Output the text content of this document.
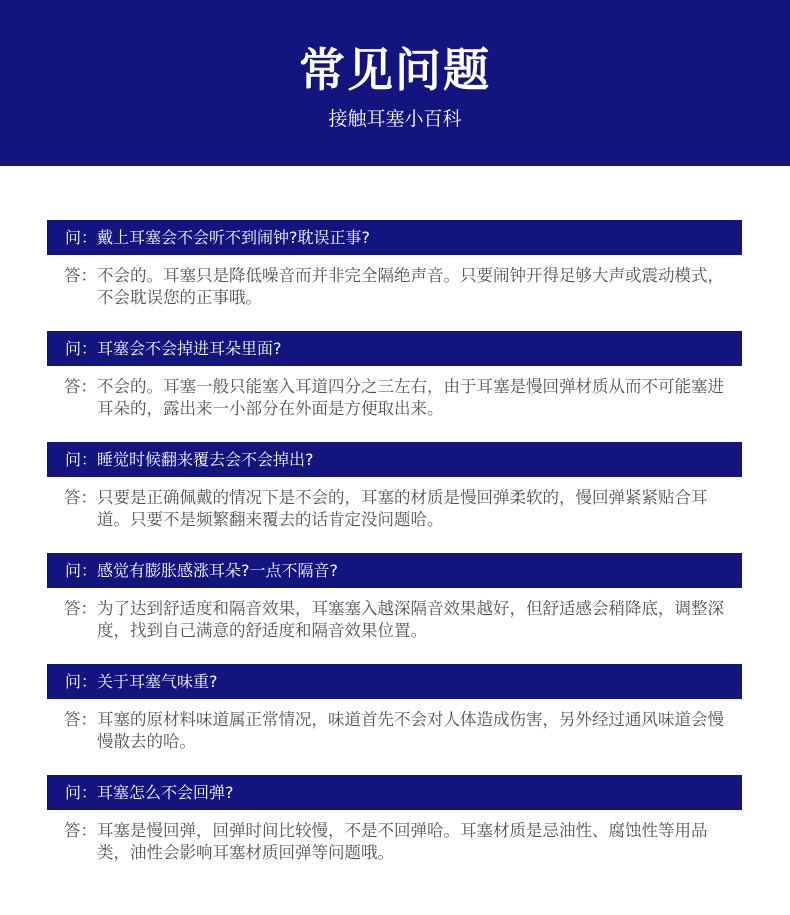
常见问题
接触耳塞小百科
问：戴上耳塞会不会听不到闹钟?耽误正事?
答： 不会的。耳塞只是降低噪音而并非完全隔绝声音。只要闹钟开得足够大声或震动模式，不会耽误您的正事哦。
问：耳塞会不会掉进耳朵里面?
答： 不会的。耳塞一般只能塞入耳道四分之三左右，由于耳塞是慢回弹材质从而不可能塞进耳朵的，露出来一小部分在外面是方便取出来。
问：睡觉时候翻来覆去会不会掉出?
答： 只要是正确佩戴的情况下是不会的，耳塞的材质是慢回弹柔软的，慢回弹紧紧贴合耳道。只要不是频繁翻来覆去的话肯定没问题哈。
问：感觉有膨胀感涨耳朵?一点不隔音?
答： 为了达到舒适度和隔音效果，耳塞塞入越深隔音效果越好，但舒适感会稍降底，调整深度，找到自己满意的舒适度和隔音效果位置。
问：关于耳塞气味重?
答： 耳塞的原材料味道属正常情况，味道首先不会对人体造成伤害，另外经过通风味道会慢慢散去的哈。
问：耳塞怎么不会回弹?
答： 耳塞是慢回弹，回弹时间比较慢，不是不回弹哈。耳塞材质是忌油性、腐蚀性等用品类，油性会影响耳塞材质回弹等问题哦。
